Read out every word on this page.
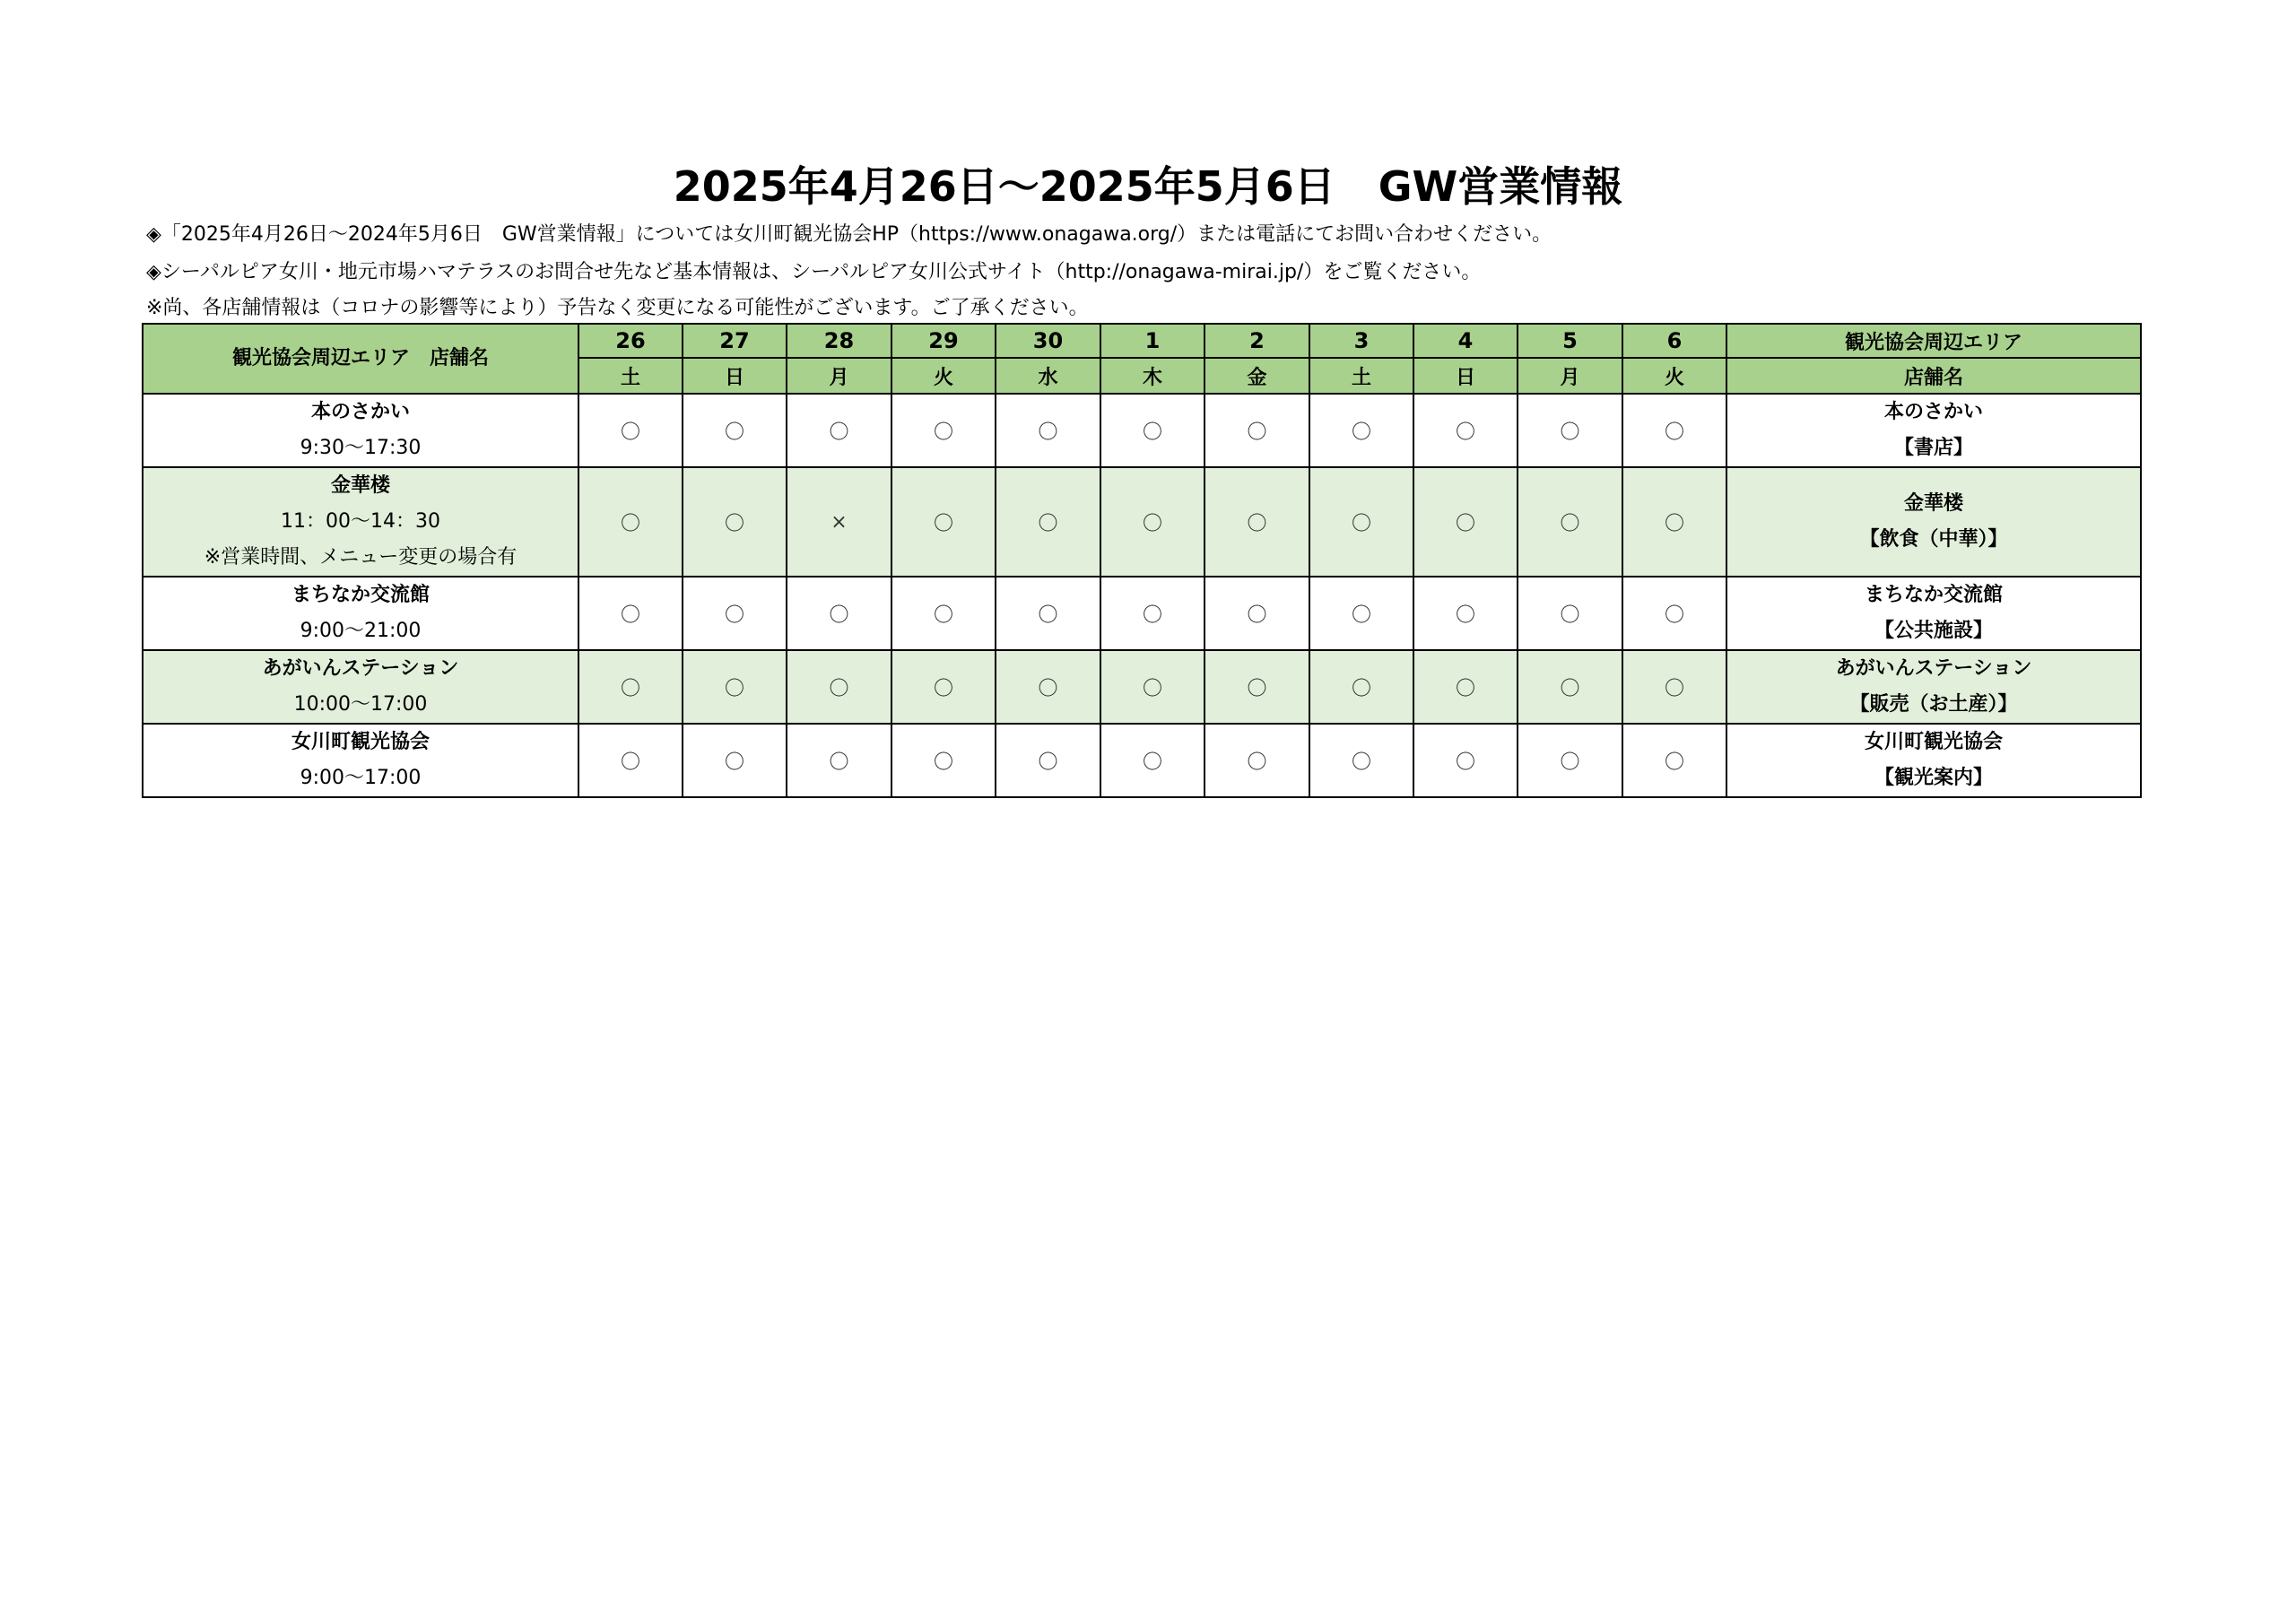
2025年4月26日～2025年5月6日 GW営業情報
◈「2025年4月26日～2024年5月6日　GW営業情報」については女川町観光協会HP（https://www.onagawa.org/）または電話にてお問い合わせください。
◈シーパルピア女川・地元市場ハマテラスのお問合せ先など基本情報は、シーパルピア女川公式サイト（http://onagawa-mirai.jp/）をご覧ください。
※尚、各店舗情報は（コロナの影響等により）予告なく変更になる可能性がございます。ご了承ください。
観光協会周辺エリア　店舗名	26	27	28	29	30	1	2	3	4	5	6	観光協会周辺エリア
	土	日	月	火	水	木	金	土	日	月	火	店舗名

本のさかい
9:30～17:30	〇	〇	〇	〇	〇	〇	〇	〇	〇	〇	〇	本のさかい
【書店】

金華楼
11：00～14：30
※営業時間、メニュー変更の場合有	〇	〇	×	〇	〇	〇	〇	〇	〇	〇	〇	金華楼
【飲食（中華）】

まちなか交流館
9:00～21:00	〇	〇	〇	〇	〇	〇	〇	〇	〇	〇	〇	まちなか交流館
【公共施設】

あがいんステーション
10:00～17:00	〇	〇	〇	〇	〇	〇	〇	〇	〇	〇	〇	あがいんステーション
【販売（お土産）】

女川町観光協会
9:00～17:00	〇	〇	〇	〇	〇	〇	〇	〇	〇	〇	〇	女川町観光協会
【観光案内】
